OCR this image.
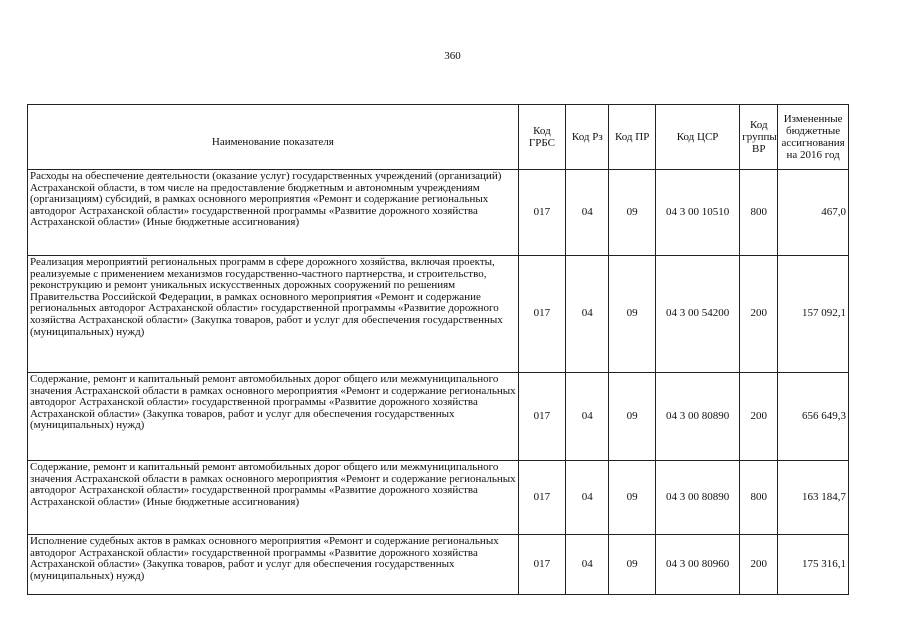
360
Наименование показателя	Код ГРБС	Код Рз	Код ПР	Код ЦСР	Код группы ВР	Измененные бюджетные ассигнования на 2016 год
Расходы на обеспечение деятельности (оказание услуг) государственных учреждений (организаций) Астраханской области, в том числе на предоставление бюджетным и автономным учреждениям (организациям) субсидий, в рамках основного мероприятия «Ремонт и содержание региональных автодорог Астраханской области» государственной программы «Развитие дорожного хозяйства Астраханской области» (Иные бюджетные ассигнования)	017	04	09	04 3 00 10510	800	467,0
Реализация мероприятий региональных программ в сфере дорожного хозяйства, включая проекты, реализуемые с применением механизмов государственно-частного партнерства, и строительство, реконструкцию и ремонт уникальных искусственных дорожных сооружений по решениям Правительства Российской Федерации, в рамках основного мероприятия «Ремонт и содержание региональных автодорог Астраханской области» государственной программы «Развитие дорожного хозяйства Астраханской области» (Закупка товаров, работ и услуг для обеспечения государственных (муниципальных) нужд)	017	04	09	04 3 00 54200	200	157 092,1
Содержание, ремонт и капитальный ремонт автомобильных дорог общего или межмуниципального значения Астраханской области в рамках основного мероприятия «Ремонт и содержание региональных автодорог Астраханской области» государственной программы «Развитие дорожного хозяйства Астраханской области» (Закупка товаров, работ и услуг для обеспечения государственных (муниципальных) нужд)	017	04	09	04 3 00 80890	200	656 649,3
Содержание, ремонт и капитальный ремонт автомобильных дорог общего или межмуниципального значения Астраханской области в рамках основного мероприятия «Ремонт и содержание региональных автодорог Астраханской области» государственной программы «Развитие дорожного хозяйства Астраханской области» (Иные бюджетные ассигнования)	017	04	09	04 3 00 80890	800	163 184,7
Исполнение судебных актов в рамках основного мероприятия «Ремонт и содержание региональных автодорог Астраханской области» государственной программы «Развитие дорожного хозяйства Астраханской области» (Закупка товаров, работ и услуг для обеспечения государственных (муниципальных) нужд)	017	04	09	04 3 00 80960	200	175 316,1
